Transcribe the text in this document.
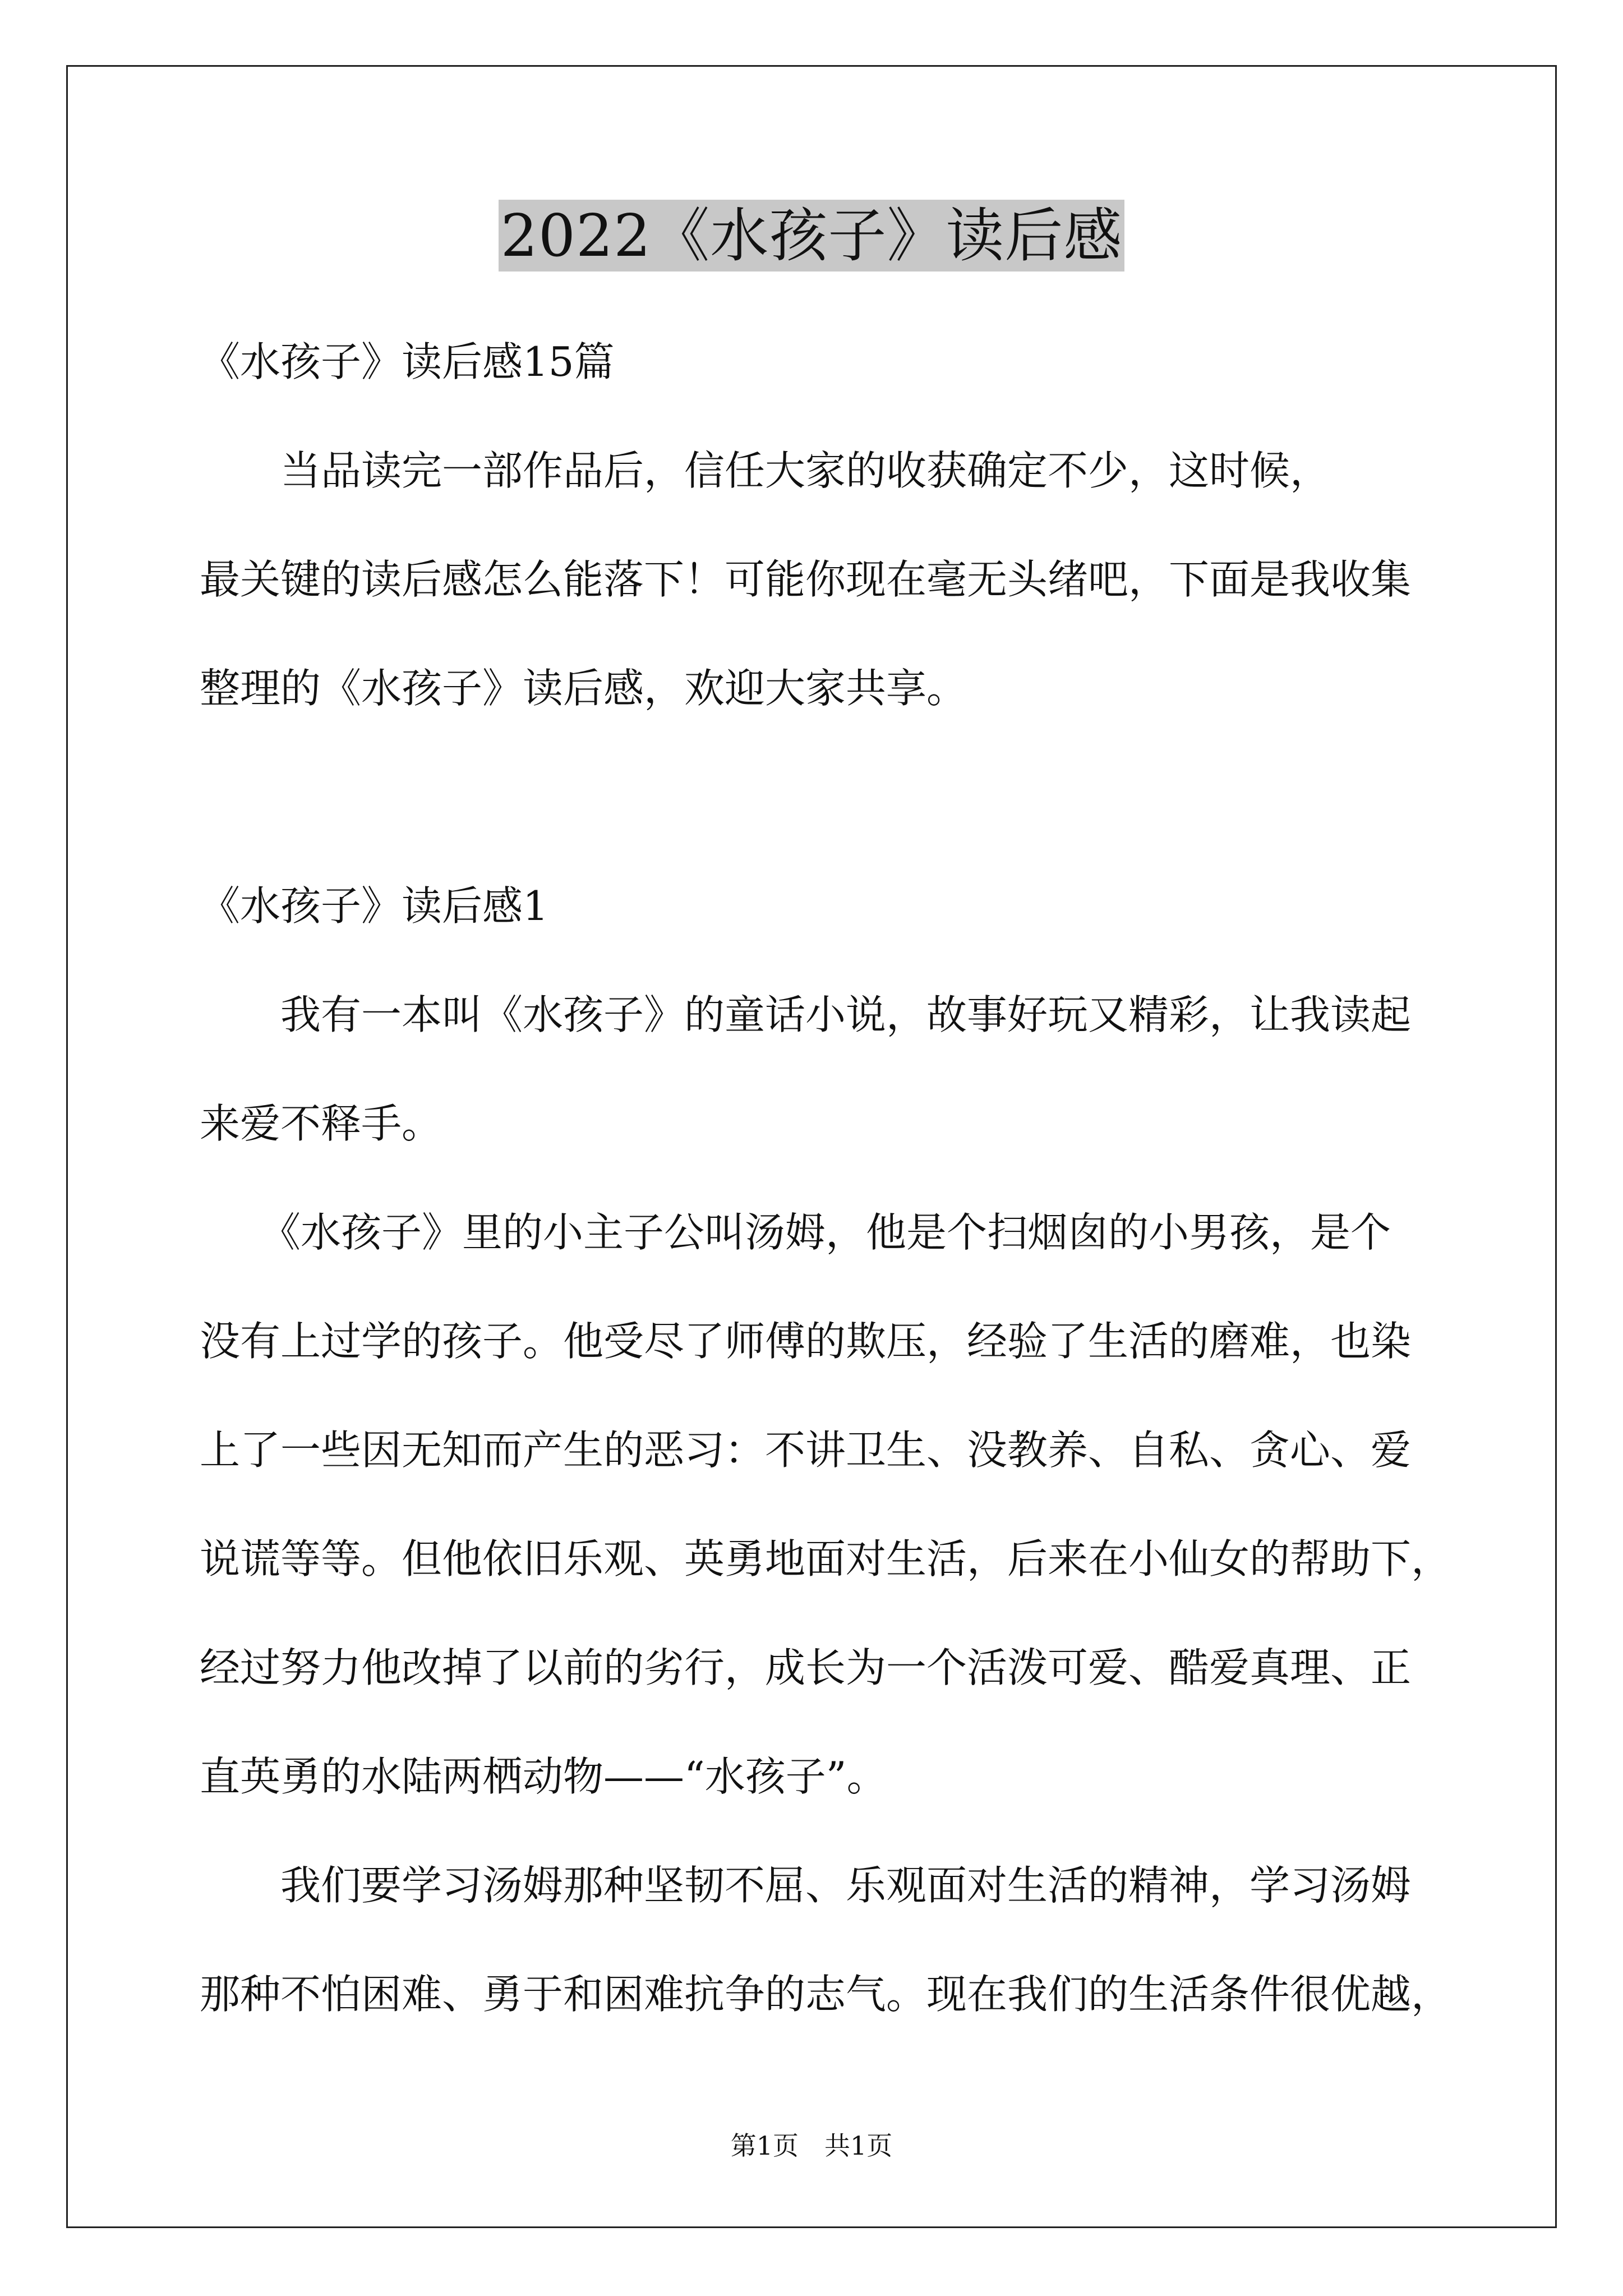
2022《水孩子》读后感

《水孩子》读后感15篇

　　当品读完一部作品后，信任大家的收获确定不少，这时候，

最关键的读后感怎么能落下！可能你现在毫无头绪吧，下面是我收集

整理的《水孩子》读后感，欢迎大家共享。

《水孩子》读后感1

　　我有一本叫《水孩子》的童话小说，故事好玩又精彩，让我读起

来爱不释手。

　　《水孩子》里的小主子公叫汤姆，他是个扫烟囱的小男孩，是个

没有上过学的孩子。他受尽了师傅的欺压，经验了生活的磨难，也染

上了一些因无知而产生的恶习：不讲卫生、没教养、自私、贪心、爱

说谎等等。但他依旧乐观、英勇地面对生活，后来在小仙女的帮助下，

经过努力他改掉了以前的劣行，成长为一个活泼可爱、酷爱真理、正

直英勇的水陆两栖动物——“水孩子”。

　　我们要学习汤姆那种坚韧不屈、乐观面对生活的精神，学习汤姆

那种不怕困难、勇于和困难抗争的志气。现在我们的生活条件很优越，

第1页　共1页
